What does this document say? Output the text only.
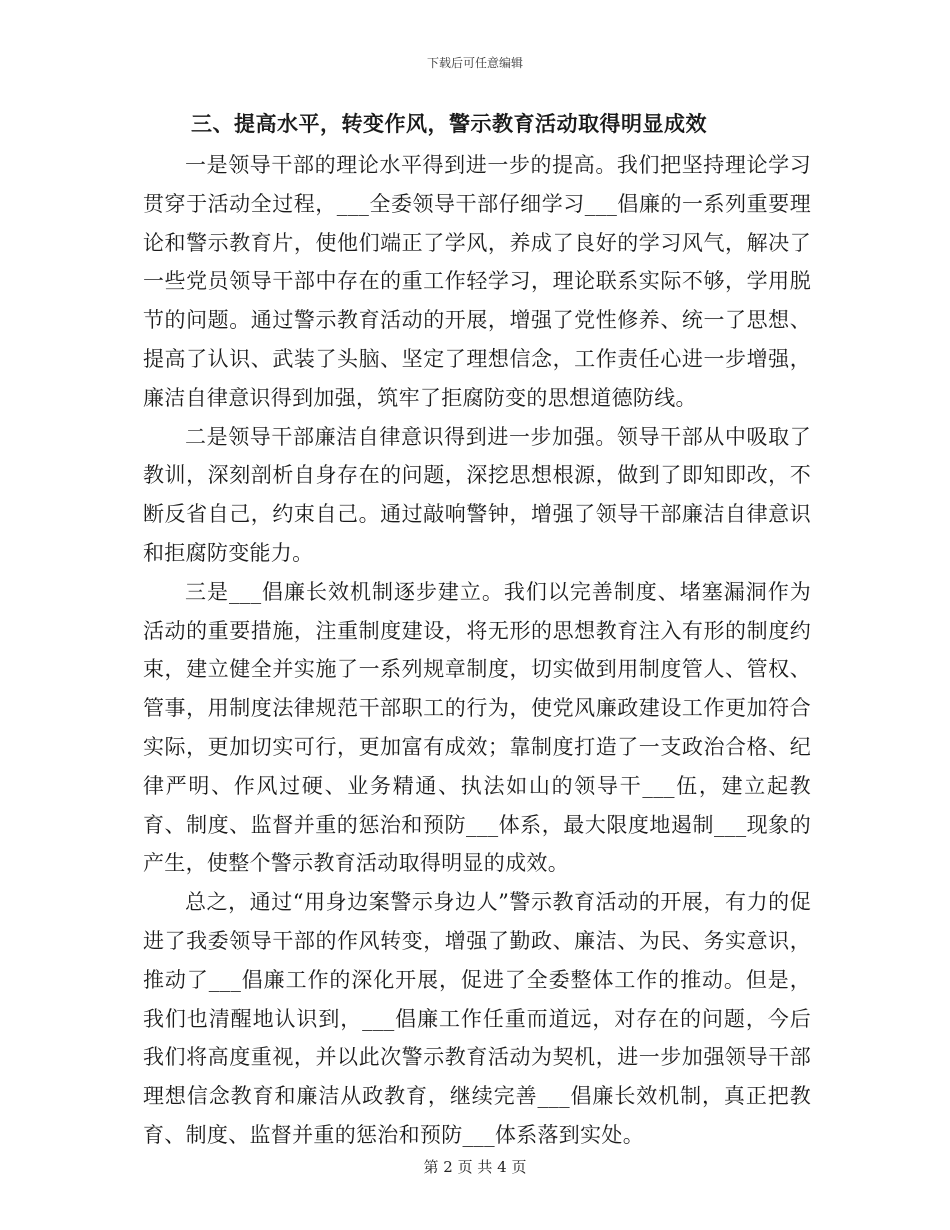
下载后可任意编辑
三、提高水平，转变作风，警示教育活动取得明显成效

一是领导干部的理论水平得到进一步的提高。我们把坚持理论学习贯穿于活动全过程，___全委领导干部仔细学习___倡廉的一系列重要理论和警示教育片，使他们端正了学风，养成了良好的学习风气，解决了一些党员领导干部中存在的重工作轻学习，理论联系实际不够，学用脱节的问题。通过警示教育活动的开展，增强了党性修养、统一了思想、提高了认识、武装了头脑、坚定了理想信念，工作责任心进一步增强，廉洁自律意识得到加强，筑牢了拒腐防变的思想道德防线。

二是领导干部廉洁自律意识得到进一步加强。领导干部从中吸取了教训，深刻剖析自身存在的问题，深挖思想根源，做到了即知即改，不断反省自己，约束自己。通过敲响警钟，增强了领导干部廉洁自律意识和拒腐防变能力。

三是___倡廉长效机制逐步建立。我们以完善制度、堵塞漏洞作为活动的重要措施，注重制度建设，将无形的思想教育注入有形的制度约束，建立健全并实施了一系列规章制度，切实做到用制度管人、管权、管事，用制度法律规范干部职工的行为，使党风廉政建设工作更加符合实际，更加切实可行，更加富有成效；靠制度打造了一支政治合格、纪律严明、作风过硬、业务精通、执法如山的领导干___伍，建立起教育、制度、监督并重的惩治和预防___体系，最大限度地遏制___现象的产生，使整个警示教育活动取得明显的成效。

总之，通过“用身边案警示身边人”警示教育活动的开展，有力的促进了我委领导干部的作风转变，增强了勤政、廉洁、为民、务实意识，推动了___倡廉工作的深化开展，促进了全委整体工作的推动。但是，我们也清醒地认识到，___倡廉工作任重而道远，对存在的问题，今后我们将高度重视，并以此次警示教育活动为契机，进一步加强领导干部理想信念教育和廉洁从政教育，继续完善___倡廉长效机制，真正把教育、制度、监督并重的惩治和预防___体系落到实处。

第 2 页 共 4 页
